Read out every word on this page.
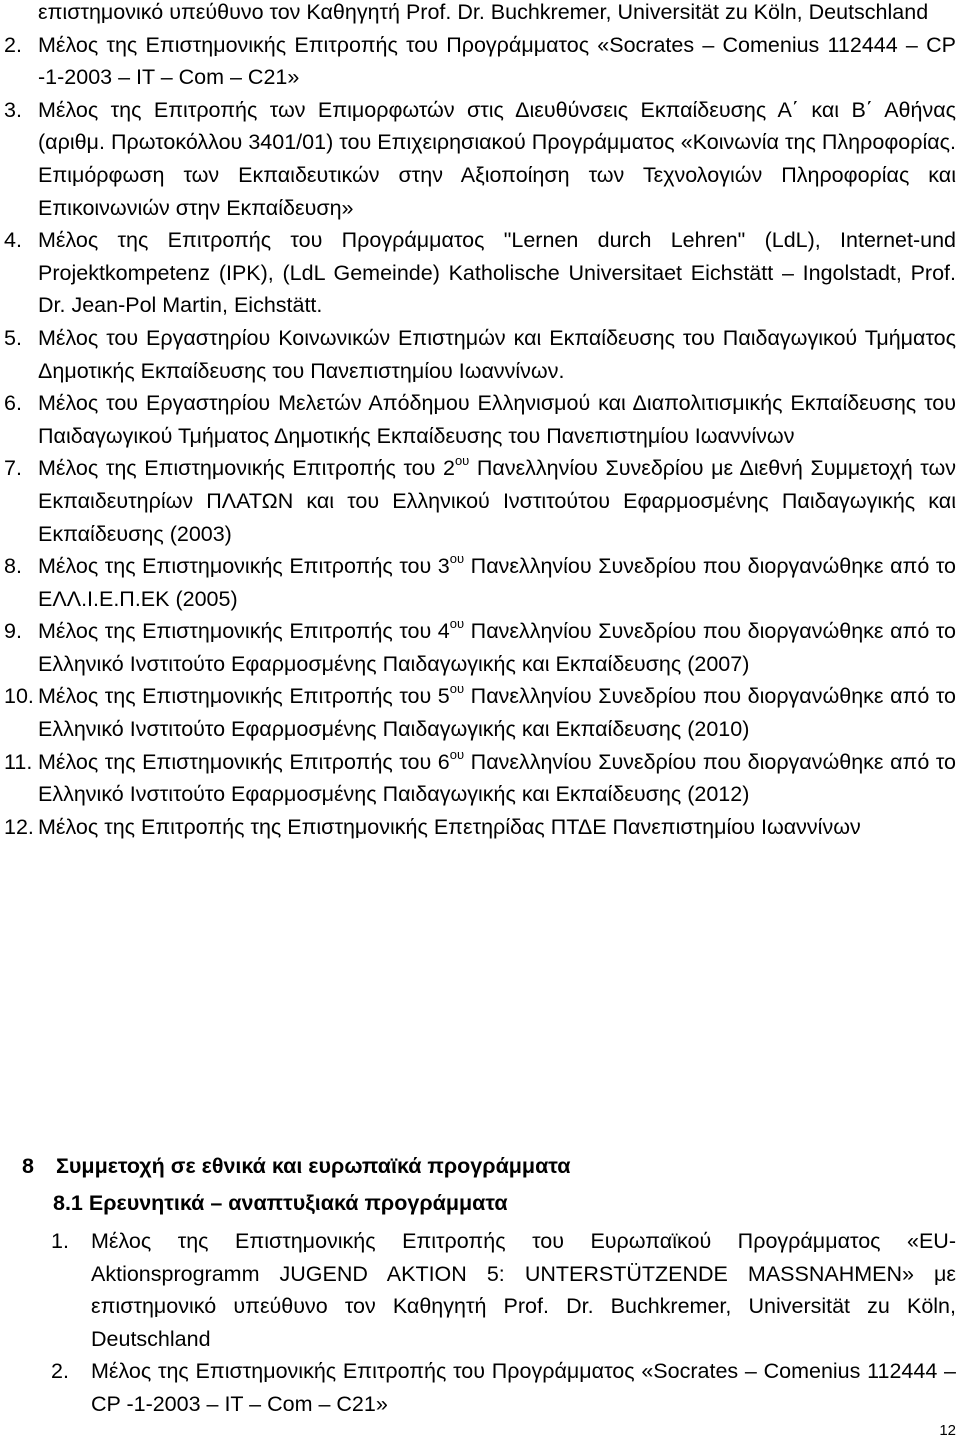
επιστημονικό υπεύθυνο τον Καθηγητή Prof. Dr. Buchkremer, Universität zu Köln, Deutschland
2. Μέλος της Επιστημονικής Επιτροπής του Προγράμματος «Socrates – Comenius 112444 – CP -1-2003 – IT – Com – C21»
3. Μέλος της Επιτροπής των Επιμορφωτών στις Διευθύνσεις Εκπαίδευσης Α΄ και Β΄ Αθήνας (αριθμ. Πρωτοκόλλου 3401/01) του Επιχειρησιακού Προγράμματος «Κοινωνία της Πληροφορίας. Επιμόρφωση των Εκπαιδευτικών στην Αξιοποίηση των Τεχνολογιών Πληροφορίας και Επικοινωνιών στην Εκπαίδευση»
4. Μέλος της Επιτροπής του Προγράμματος "Lernen durch Lehren" (LdL), Internet-und Projektkompetenz (IPK), (LdL Gemeinde) Katholische Universitaet Eichstätt – Ingolstadt, Prof. Dr. Jean-Pol Martin, Eichstätt.
5. Μέλος του Εργαστηρίου Κοινωνικών Επιστημών και Εκπαίδευσης του Παιδαγωγικού Τμήματος Δημοτικής Εκπαίδευσης του Πανεπιστημίου Ιωαννίνων.
6. Μέλος του Εργαστηρίου Μελετών Απόδημου Ελληνισμού και Διαπολιτισμικής Εκπαίδευσης του Παιδαγωγικού Τμήματος Δημοτικής Εκπαίδευσης του Πανεπιστημίου Ιωαννίνων
7. Μέλος της Επιστημονικής Επιτροπής του $2^{o\upsilon}$ Πανελληνίου Συνεδρίου με Διεθνή Συμμετοχή των Εκπαιδευτηρίων ΠΛΑΤΩΝ και του Ελληνικού Ινστιτούτου Εφαρμοσμένης Παιδαγωγικής και Εκπαίδευσης (2003)
8. Μέλος της Επιστημονικής Επιτροπής του $3^{o\upsilon}$ Πανελληνίου Συνεδρίου που διοργανώθηκε από το ΕΛΛ.Ι.Ε.Π.ΕΚ (2005)
9. Μέλος της Επιστημονικής Επιτροπής του $4^{o\upsilon}$ Πανελληνίου Συνεδρίου που διοργανώθηκε από το Ελληνικό Ινστιτούτο Εφαρμοσμένης Παιδαγωγικής και Εκπαίδευσης (2007)
10. Μέλος της Επιστημονικής Επιτροπής του $5^{o\upsilon}$ Πανελληνίου Συνεδρίου που διοργανώθηκε από το Ελληνικό Ινστιτούτο Εφαρμοσμένης Παιδαγωγικής και Εκπαίδευσης (2010)
11. Μέλος της Επιστημονικής Επιτροπής του $6^{o\upsilon}$ Πανελληνίου Συνεδρίου που διοργανώθηκε από το Ελληνικό Ινστιτούτο Εφαρμοσμένης Παιδαγωγικής και Εκπαίδευσης (2012)
12. Μέλος της Επιτροπής της Επιστημονικής Επετηρίδας ΠΤΔΕ Πανεπιστημίου Ιωαννίνων
8 Συμμετοχή σε εθνικά και ευρωπαϊκά προγράμματα
8.1 Ερευνητικά – αναπτυξιακά προγράμματα
1. Μέλος της Επιστημονικής Επιτροπής του Ευρωπαϊκού Προγράμματος «EU-Aktionsprogramm JUGEND AKTION 5: UNTERSTÜTZENDE MASSNAHMEN» με επιστημονικό υπεύθυνο τον Καθηγητή Prof. Dr. Buchkremer, Universität zu Köln, Deutschland
2. Μέλος της Επιστημονικής Επιτροπής του Προγράμματος «Socrates – Comenius 112444 – CP -1-2003 – IT – Com – C21»
12
